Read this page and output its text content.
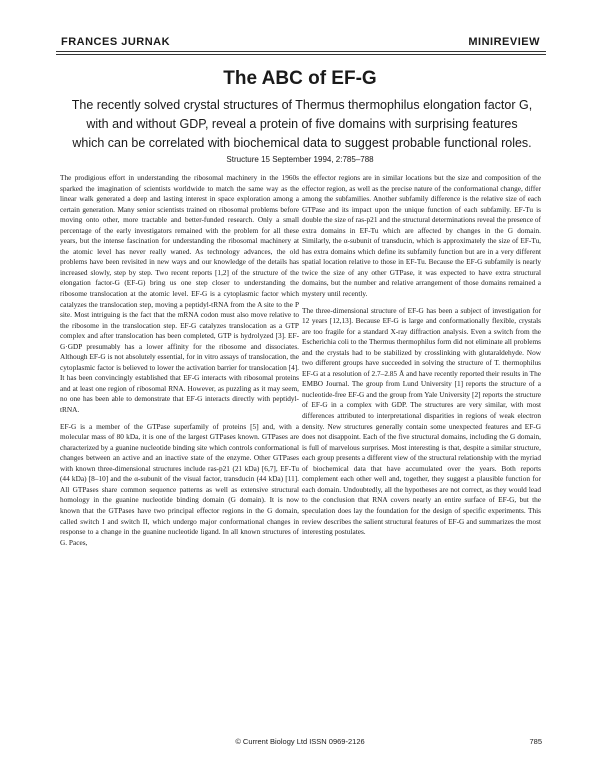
FRANCES JURNAK	MINIREVIEW
The ABC of EF-G
The recently solved crystal structures of Thermus thermophilus elongation factor G, with and without GDP, reveal a protein of five domains with surprising features which can be correlated with biochemical data to suggest probable functional roles.
Structure 15 September 1994, 2:785–788

The prodigious effort in understanding the ribosomal machinery in the 1960s sparked the imagination of scientists worldwide to match the same way as the linear walk generated a deep and lasting interest in space exploration among a certain generation. Many senior scientists trained on ribosomal problems before moving onto other, more tractable and better-funded research. Only a small percentage of the early investigators remained with the problem for all these years, but the intense fascination for understanding the ribosomal machinery at the atomic level has never really waned. As technology advances, the old problems have been revisited in new ways and our knowledge of the details has increased slowly, step by step. Two recent reports [1,2] of the structure of the elongation factor-G (EF-G) bring us one step closer to understanding the ribosome translocation at the atomic level. EF-G is a cytoplasmic factor which catalyzes the translocation step, moving a peptidyl-tRNA from the A site to the P site. Most intriguing is the fact that the mRNA codon must also move relative to the ribosome in the translocation step. EF-G catalyzes translocation as a GTP complex and after translocation has been completed, GTP is hydrolyzed [3]. EF-G·GDP presumably has a lower affinity for the ribosome and dissociates. Although EF-G is not absolutely essential, for in vitro assays of translocation, the cytoplasmic factor is believed to lower the activation barrier for translocation [4]. It has been convincingly established that EF-G interacts with ribosomal proteins and at least one region of ribosomal RNA. However, as puzzling as it may seem, no one has been able to demonstrate that EF-G interacts directly with peptidyl-tRNA.

EF-G is a member of the GTPase superfamily of proteins [5] and, with a molecular mass of 80 kDa, it is one of the largest GTPases known. GTPases are characterized by a guanine nucleotide binding site which controls conformational changes between an active and an inactive state of the enzyme. Other GTPases with known three-dimensional structures include ras-p21 (21 kDa) [6,7], EF-Tu (44 kDa) [8–10] and the α-subunit of the visual factor, transducin (44 kDa) [11]. All GTPases share common sequence patterns as well as extensive structural homology in the guanine nucleotide binding domain (G domain). It is now known that the GTPases have two principal effector regions in the G domain, called switch I and switch II, which undergo major conformational changes in response to a change in the guanine nucleotide ligand. In all known structures of G. Paces,

the effector regions are in similar locations but the size and composition of the effector region, as well as the precise nature of the conformational change, differ among the subfamilies. Another subfamily difference is the relative size of each GTPase and its impact upon the unique function of each subfamily. EF-Tu is double the size of ras-p21 and the structural determinations reveal the presence of extra domains in EF-Tu which are affected by changes in the G domain. Similarly, the α-subunit of transducin, which is approximately the size of EF-Tu, has extra domains which define its subfamily function but are in a very different spatial location relative to those in EF-Tu. Because the EF-G subfamily is nearly twice the size of any other GTPase, it was expected to have extra structural domains, but the number and relative arrangement of those domains remained a mystery until recently.

The three-dimensional structure of EF-G has been a subject of investigation for 12 years [12,13]. Because EF-G is large and conformationally flexible, crystals are too fragile for a standard X-ray diffraction analysis. Even a switch from the Escherichia coli to the Thermus thermophilus form did not eliminate all problems and the crystals had to be stabilized by crosslinking with glutaraldehyde. Now two different groups have succeeded in solving the structure of T. thermophilus EF-G at a resolution of 2.7–2.85 Å and have recently reported their results in The EMBO Journal. The group from Lund University [1] reports the structure of a nucleotide-free EF-G and the group from Yale University [2] reports the structure of EF-G in a complex with GDP. The structures are very similar, with most differences attributed to interpretational disparities in regions of weak electron density. New structures generally contain some unexpected features and EF-G does not disappoint. Each of the five structural domains, including the G domain, is full of marvelous surprises. Most interesting is that, despite a similar structure, each group presents a different view of the structural relationship with the myriad of biochemical data that have accumulated over the years. Both reports complement each other well and, together, they suggest a plausible function for each domain. Undoubtedly, all the hypotheses are not correct, as they would lead to the conclusion that RNA covers nearly an entire surface of EF-G, but the speculation does lay the foundation for the design of specific experiments. This review describes the salient structural features of EF-G and summarizes the most interesting postulates.

© Current Biology Ltd ISSN 0969-2126	785
